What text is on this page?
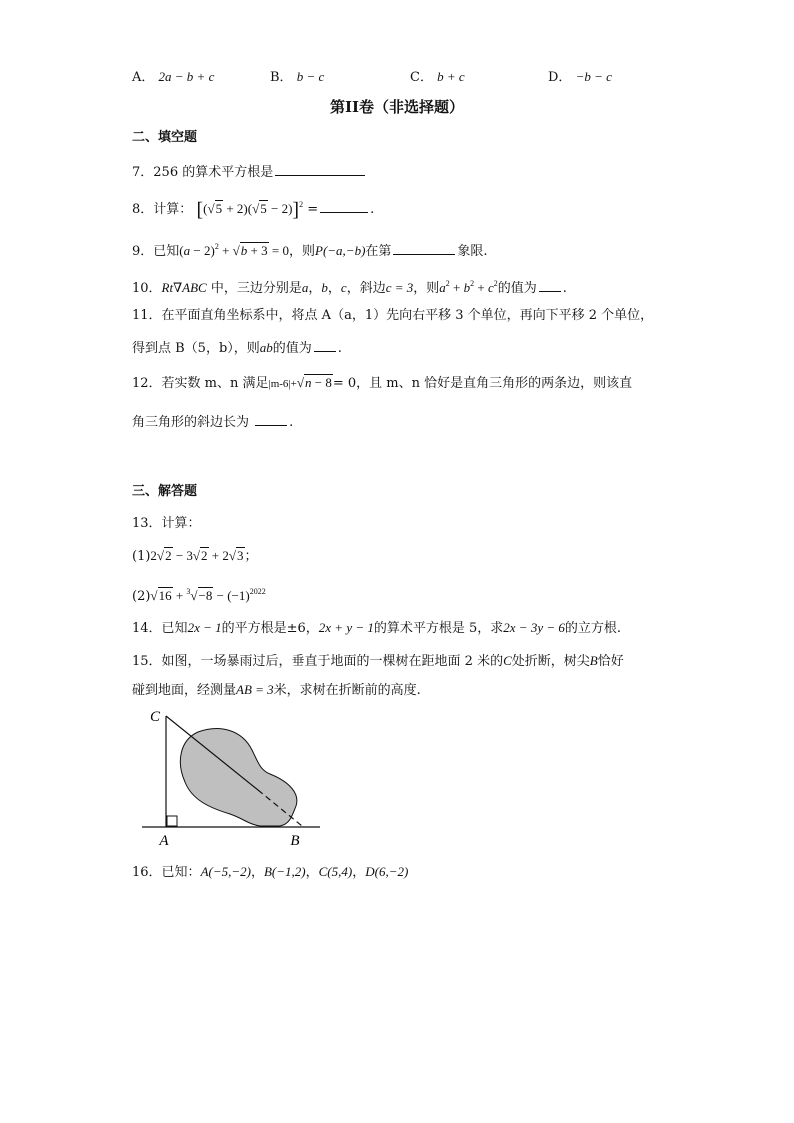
A． 2a − b + c	B． b − c	C． b + c	D． −b − c
第II卷（非选择题）
二、填空题
7．256 的算术平方根是
8．计算： $[(√5 + 2)(√5 - 2)]^2$ =	.
9．已知$(a - 2)^2 + √b + 3 = 0$，则P(−a,−b)在第	象限.
10．Rt∇ABC 中，三边分别是a，b，c，斜边c = 3，则$a^2 + b^2 + c^2$的值为 .
11．在平面直角坐标系中，将点 A（a，1）先向右平移 3 个单位，再向下平移 2 个单位，
得到点 B（5，b），则ab的值为 .
12．若实数 m、n 满足|m-6|+√n − 8= 0，且 m、n 恰好是直角三角形的两条边，则该直
角三角形的斜边长为	.
三、解答题
13．计算：
(1)2√2 − 3√2 + 2√3；
$(2)√16 + ^3√-8 - (-1)^{2022}$
14．已知2x − 1的平方根是±6，2x + y − 1的算术平方根是 5，求2x − 3y − 6的立方根.
15．如图，一场暴雨过后，垂直于地面的一棵树在距地面 2 米的C处折断，树尖B恰好
碰到地面，经测量AB = 3米，求树在折断前的高度.
C
A	B
16．已知：A(−5,−2)，B(−1,2)，C(5,4)，D(6,−2)
